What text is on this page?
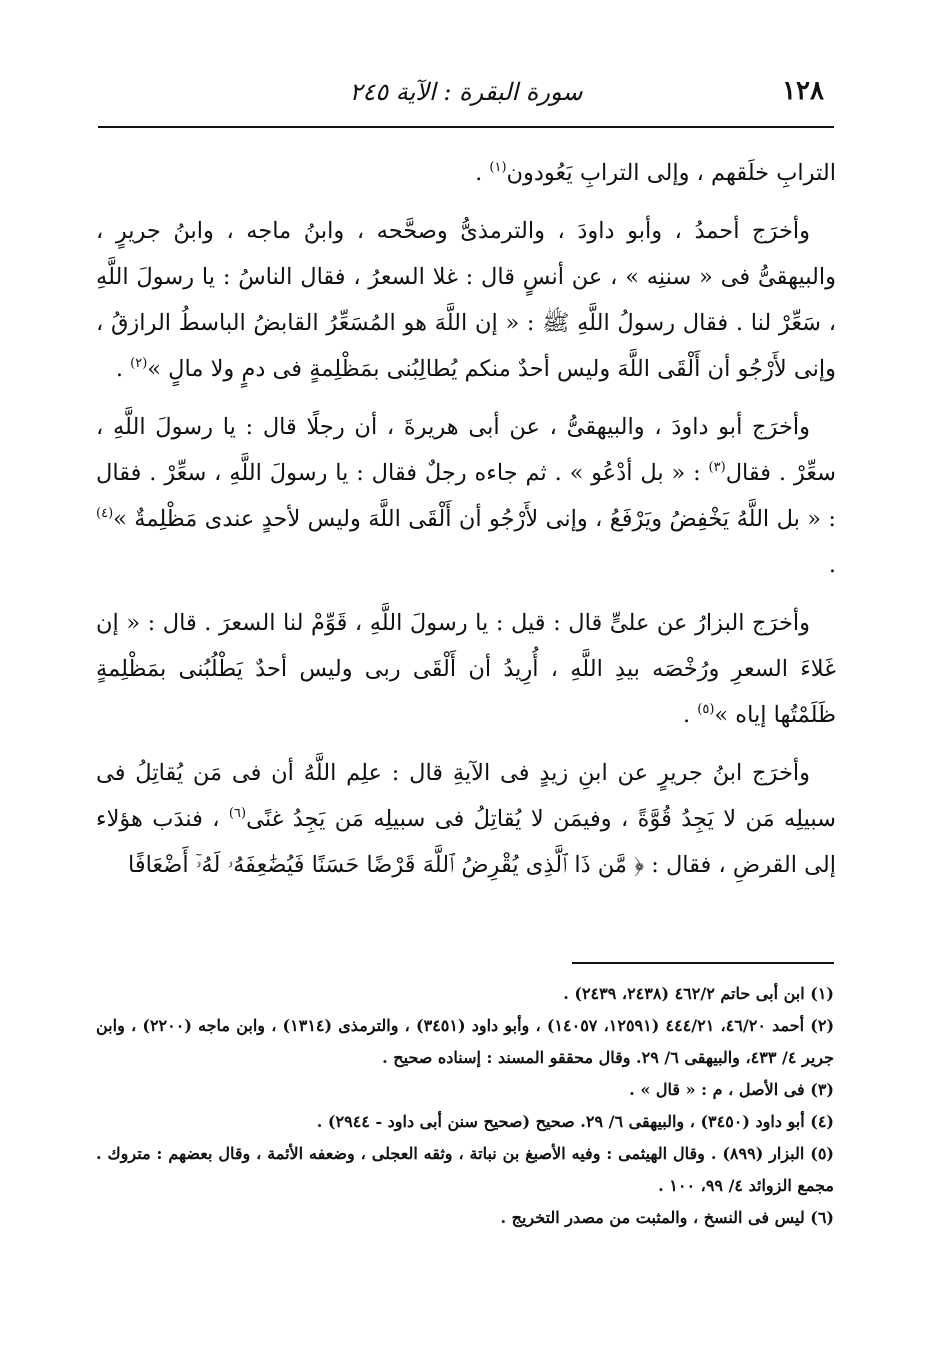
١٢٨
سورة البقرة : الآية ٢٤٥

الترابِ خلَقهم ، وإلى الترابِ يَعُودون$^{(١)}$ .

وأخرَج أحمدُ ، وأبو داودَ ، والترمذىُّ وصحَّحه ، وابنُ ماجه ، وابنُ جريرٍ ، والبيهقىُّ فى « سننِه » ، عن أنسٍ قال : غلا السعرُ ، فقال الناسُ : يا رسولَ اللَّهِ ، سَعِّرْ لنا . فقال رسولُ اللَّهِ ﷺ : « إن اللَّهَ هو المُسَعِّرُ القابضُ الباسطُ الرازقُ ، وإنى لأَرْجُو أن أَلْقَى اللَّهَ وليس أحدٌ منكم يُطالِبُنى بمَظْلِمةٍ فى دمٍ ولا مالٍ »$^{(٢)}$ .

وأخرَج أبو داودَ ، والبيهقىُّ ، عن أبى هريرةَ ، أن رجلًا قال : يا رسولَ اللَّهِ ، سعِّرْ . فقال$^{(٣)}$ : « بل أدْعُو » . ثم جاءه رجلٌ فقال : يا رسولَ اللَّهِ ، سعِّرْ . فقال : « بل اللَّهُ يَخْفِضُ ويَرْفَعُ ، وإنى لأَرْجُو أن أَلْقَى اللَّهَ وليس لأحدٍ عندى مَظْلِمةٌ »$^{(٤)}$ .

وأخرَج البزارُ عن علىٍّ قال : قيل : يا رسولَ اللَّهِ ، قَوِّمْ لنا السعرَ . قال : « إن غَلاءَ السعرِ ورُخْصَه بيدِ اللَّهِ ، أُرِيدُ أن أَلْقَى ربى وليس أحدٌ يَطْلُبُنى بمَظْلِمةٍ ظَلَمْتُها إياه »$^{(٥)}$ .

وأخرَج ابنُ جريرٍ عن ابنِ زيدٍ فى الآيةِ قال : علِم اللَّهُ أن فى مَن يُقاتِلُ فى سبيلِه مَن لا يَجِدُ قُوَّةً ، وفيمَن لا يُقاتِلُ فى سبيلِه مَن يَجِدُ غنًى$^{(٦)}$ ، فندَب هؤلاء إلى القرضِ ، فقال : ﴿ مَّن ذَا ٱلَّذِى يُقْرِضُ ٱللَّهَ قَرْضًا حَسَنًا فَيُضَٰعِفَهُۥ لَهُۥٓ أَضْعَافًا

(١) ابن أبى حاتم ٤٦٢/٢ (٢٤٣٨، ٢٤٣٩) .

(٢) أحمد ٤٦/٢٠، ٤٤٤/٢١ (١٢٥٩١، ١٤٠٥٧) ، وأبو داود (٣٤٥١) ، والترمذى (١٣١٤) ، وابن ماجه (٢٢٠٠) ، وابن جرير ٤/ ٤٣٣، والبيهقى ٦/ ٢٩. وقال محققو المسند : إسناده صحيح .

(٣) فى الأصل ، م : « قال » .

(٤) أبو داود (٣٤٥٠) ، والبيهقى ٦/ ٢٩. صحيح (صحيح سنن أبى داود - ٢٩٤٤) .

(٥) البزار (٨٩٩) . وقال الهيثمى : وفيه الأصبغ بن نباتة ، وثقه العجلى ، وضعفه الأئمة ، وقال بعضهم : متروك . مجمع الزوائد ٤/ ٩٩، ١٠٠ .

(٦) ليس فى النسخ ، والمثبت من مصدر التخريج .
